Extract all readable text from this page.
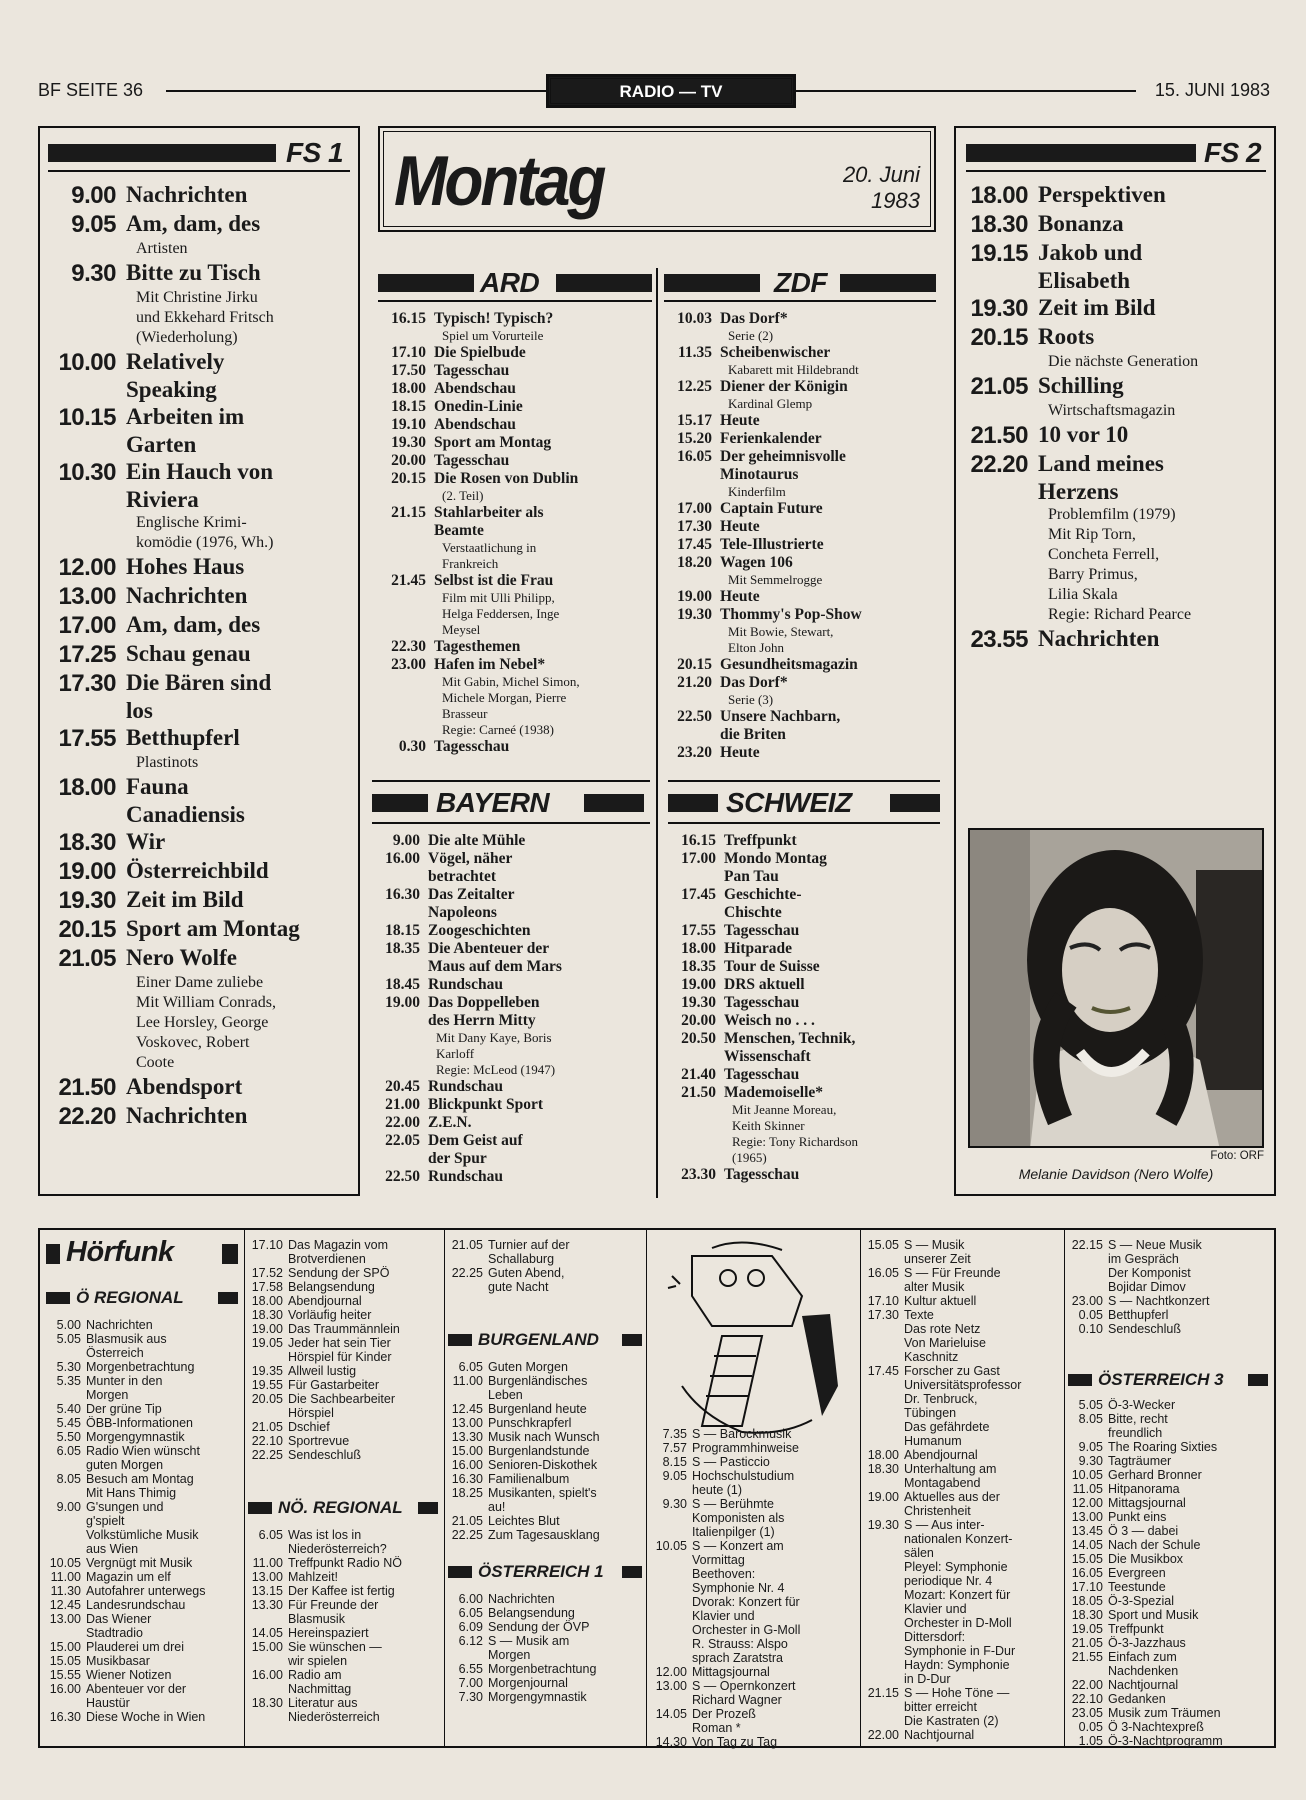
BF SEITE 36	RADIO — TV	15. JUNI 1983
FS 1
9.00 Nachrichten
9.05 Am, dam, des
Artisten
9.30 Bitte zu Tisch
Mit Christine Jirku
und Ekkehard Fritsch
(Wiederholung)
10.00 Relatively
Speaking
10.15 Arbeiten im
Garten
10.30 Ein Hauch von
Riviera
Englische Krimi-
komödie (1976, Wh.)
12.00 Hohes Haus
13.00 Nachrichten
17.00 Am, dam, des
17.25 Schau genau
17.30 Die Bären sind
los
17.55 Betthupferl
Plastinots
18.00 Fauna
Canadiensis
18.30 Wir
19.00 Österreichbild
19.30 Zeit im Bild
20.15 Sport am Montag
21.05 Nero Wolfe
Einer Dame zuliebe
Mit William Conrads,
Lee Horsley, George
Voskovec, Robert
Coote
21.50 Abendsport
22.20 Nachrichten
Montag	20. Juni
1983
ARD
16.15 Typisch! Typisch?
Spiel um Vorurteile
17.10 Die Spielbude
17.50 Tagesschau
18.00 Abendschau
18.15 Onedin-Linie
19.10 Abendschau
19.30 Sport am Montag
20.00 Tagesschau
20.15 Die Rosen von Dublin
(2. Teil)
21.15 Stahlarbeiter als
Beamte
Verstaatlichung in
Frankreich
21.45 Selbst ist die Frau
Film mit Ulli Philipp,
Helga Feddersen, Inge
Meysel
22.30 Tagesthemen
23.00 Hafen im Nebel*
Mit Gabin, Michel Simon,
Michele Morgan, Pierre
Brasseur
Regie: Carneé (1938)
0.30 Tagesschau
ZDF
10.03 Das Dorf*
Serie (2)
11.35 Scheibenwischer
Kabarett mit Hildebrandt
12.25 Diener der Königin
Kardinal Glemp
15.17 Heute
15.20 Ferienkalender
16.05 Der geheimnisvolle
Minotaurus
Kinderfilm
17.00 Captain Future
17.30 Heute
17.45 Tele-Illustrierte
18.20 Wagen 106
Mit Semmelrogge
19.00 Heute
19.30 Thommy's Pop-Show
Mit Bowie, Stewart,
Elton John
20.15 Gesundheitsmagazin
21.20 Das Dorf*
Serie (3)
22.50 Unsere Nachbarn,
die Briten
23.20 Heute
BAYERN
9.00 Die alte Mühle
16.00 Vögel, näher
betrachtet
16.30 Das Zeitalter
Napoleons
18.15 Zoogeschichten
18.35 Die Abenteuer der
Maus auf dem Mars
18.45 Rundschau
19.00 Das Doppelleben
des Herrn Mitty
Mit Dany Kaye, Boris
Karloff
Regie: McLeod (1947)
20.45 Rundschau
21.00 Blickpunkt Sport
22.00 Z.E.N.
22.05 Dem Geist auf
der Spur
22.50 Rundschau
SCHWEIZ
16.15 Treffpunkt
17.00 Mondo Montag
Pan Tau
17.45 Geschichte-
Chischte
17.55 Tagesschau
18.00 Hitparade
18.35 Tour de Suisse
19.00 DRS aktuell
19.30 Tagesschau
20.00 Weisch no . . .
20.50 Menschen, Technik,
Wissenschaft
21.40 Tagesschau
21.50 Mademoiselle*
Mit Jeanne Moreau,
Keith Skinner
Regie: Tony Richardson
(1965)
23.30 Tagesschau
FS 2
18.00 Perspektiven
18.30 Bonanza
19.15 Jakob und
Elisabeth
19.30 Zeit im Bild
20.15 Roots
Die nächste Generation
21.05 Schilling
Wirtschaftsmagazin
21.50 10 vor 10
22.20 Land meines
Herzens
Problemfilm (1979)
Mit Rip Torn,
Concheta Ferrell,
Barry Primus,
Lilia Skala
Regie: Richard Pearce
23.55 Nachrichten
Foto: ORF
Melanie Davidson (Nero Wolfe)
Hörfunk
Ö REGIONAL
5.00 Nachrichten
5.05 Blasmusik aus
Österreich
5.30 Morgenbetrachtung
5.35 Munter in den
Morgen
5.40 Der grüne Tip
5.45 ÖBB-Informationen
5.50 Morgengymnastik
6.05 Radio Wien wünscht
guten Morgen
8.05 Besuch am Montag
Mit Hans Thimig
9.00 G'sungen und
g'spielt
Volkstümliche Musik
aus Wien
10.05 Vergnügt mit Musik
11.00 Magazin um elf
11.30 Autofahrer unterwegs
12.45 Landesrundschau
13.00 Das Wiener
Stadtradio
15.00 Plauderei um drei
15.05 Musikbasar
15.55 Wiener Notizen
16.00 Abenteuer vor der
Haustür
16.30 Diese Woche in Wien
17.10 Das Magazin vom
Brotverdienen
17.52 Sendung der SPÖ
17.58 Belangsendung
18.00 Abendjournal
18.30 Vorläufig heiter
19.00 Das Traummännlein
19.05 Jeder hat sein Tier
Hörspiel für Kinder
19.35 Allweil lustig
19.55 Für Gastarbeiter
20.05 Die Sachbearbeiter
Hörspiel
21.05 Dschief
22.10 Sportrevue
22.25 Sendeschluß
NÖ. REGIONAL
6.05 Was ist los in
Niederösterreich?
11.00 Treffpunkt Radio NÖ
13.00 Mahlzeit!
13.15 Der Kaffee ist fertig
13.30 Für Freunde der
Blasmusik
14.05 Hereinspaziert
15.00 Sie wünschen —
wir spielen
16.00 Radio am
Nachmittag
18.30 Literatur aus
Niederösterreich
21.05 Turnier auf der
Schallaburg
22.25 Guten Abend,
gute Nacht
BURGENLAND
6.05 Guten Morgen
11.00 Burgenländisches
Leben
12.45 Burgenland heute
13.00 Punschkrapferl
13.30 Musik nach Wunsch
15.00 Burgenlandstunde
16.00 Senioren-Diskothek
16.30 Familienalbum
18.25 Musikanten, spielt's
au!
21.05 Leichtes Blut
22.25 Zum Tagesausklang
ÖSTERREICH 1
6.00 Nachrichten
6.05 Belangsendung
6.09 Sendung der ÖVP
6.12 S — Musik am
Morgen
6.55 Morgenbetrachtung
7.00 Morgenjournal
7.30 Morgengymnastik
7.35 S — Barockmusik
7.57 Programmhinweise
8.15 S — Pasticcio
9.05 Hochschulstudium
heute (1)
9.30 S — Berühmte
Komponisten als
Italienpilger (1)
10.05 S — Konzert am
Vormittag
Beethoven:
Symphonie Nr. 4
Dvorak: Konzert für
Klavier und
Orchester in G-Moll
R. Strauss: Alspo
sprach Zaratstra
12.00 Mittagsjournal
13.00 S — Opernkonzert
Richard Wagner
14.05 Der Prozeß
Roman *
14.30 Von Tag zu Tag
15.05 S — Musik
unserer Zeit
16.05 S — Für Freunde
alter Musik
17.10 Kultur aktuell
17.30 Texte
Das rote Netz
Von Marieluise
Kaschnitz
17.45 Forscher zu Gast
Universitätsprofessor
Dr. Tenbruck,
Tübingen
Das gefährdete
Humanum
18.00 Abendjournal
18.30 Unterhaltung am
Montagabend
19.00 Aktuelles aus der
Christenheit
19.30 S — Aus inter-
nationalen Konzert-
sälen
Pleyel: Symphonie
periodique Nr. 4
Mozart: Konzert für
Klavier und
Orchester in D-Moll
Dittersdorf:
Symphonie in F-Dur
Haydn: Symphonie
in D-Dur
21.15 S — Hohe Töne —
bitter erreicht
Die Kastraten (2)
22.00 Nachtjournal
22.15 S — Neue Musik
im Gespräch
Der Komponist
Bojidar Dimov
23.00 S — Nachtkonzert
0.05 Betthupferl
0.10 Sendeschluß
ÖSTERREICH 3
5.05 Ö-3-Wecker
8.05 Bitte, recht
freundlich
9.05 The Roaring Sixties
9.30 Tagträumer
10.05 Gerhard Bronner
11.05 Hitpanorama
12.00 Mittagsjournal
13.00 Punkt eins
13.45 Ö 3 — dabei
14.05 Nach der Schule
15.05 Die Musikbox
16.05 Evergreen
17.10 Teestunde
18.05 Ö-3-Spezial
18.30 Sport und Musik
19.05 Treffpunkt
21.05 Ö-3-Jazzhaus
21.55 Einfach zum
Nachdenken
22.00 Nachtjournal
22.10 Gedanken
23.05 Musik zum Träumen
0.05 Ö 3-Nachtexpreß
1.05 Ö-3-Nachtprogramm
